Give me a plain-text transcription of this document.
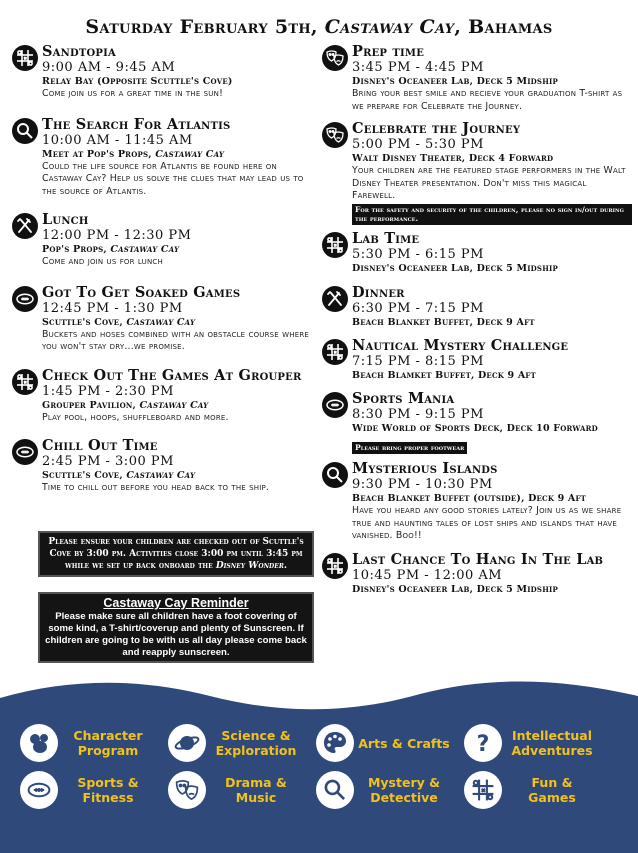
Saturday February 5th, Castaway Cay, Bahamas
Sandtopia
9:00 AM - 9:45 AM
Relay Bay (Opposite Scuttle's Cove)
Come join us for a great time in the sun!
The Search For Atlantis
10:00 AM - 11:45 AM
Meet at Pop's Props, Castaway Cay
Could the life source for Atlantis be found here on Castaway Cay? Help us solve the clues that may lead us to the source of Atlantis.
Lunch
12:00 PM - 12:30 PM
Pop's Props, Castaway Cay
Come and join us for lunch
Got To Get Soaked Games
12:45 PM - 1:30 PM
Scuttle's Cove, Castaway Cay
Buckets and hoses combined with an obstacle course where you won't stay dry...we promise.
Check Out The Games At Grouper
1:45 PM - 2:30 PM
Grouper Pavilion, Castaway Cay
Play pool, hoops, shuffleboard and more.
Chill Out Time
2:45 PM - 3:00 PM
Scuttle's Cove, Castaway Cay
Time to chill out before you head back to the ship.
Prep time
3:45 PM - 4:45 PM
Disney's Oceaneer Lab, Deck 5 Midship
Bring your best smile and recieve your graduation T-shirt as we prepare for Celebrate the Journey.
Celebrate the Journey
5:00 PM - 5:30 PM
Walt Disney Theater, Deck 4 Forward
Your children are the featured stage performers in the Walt Disney Theater presentation. Don't miss this magical Farewell.
For the safety and security of the children, please no sign in/out during the performance.
Lab Time
5:30 PM - 6:15 PM
Disney's Oceaneer Lab, Deck 5 Midship
Dinner
6:30 PM - 7:15 PM
Beach Blanket Buffet, Deck 9 Aft
Nautical Mystery Challenge
7:15 PM - 8:15 PM
Beach Blamket Buffet, Deck 9 Aft
Sports Mania
8:30 PM - 9:15 PM
Wide World of Sports Deck, Deck 10 Forward
Please bring proper footwear
Mysterious Islands
9:30 PM - 10:30 PM
Beach Blanket Buffet (outside), Deck 9 Aft
Have you heard any good stories lately? Join us as we share true and haunting tales of lost ships and islands that have vanished. Boo!!
Last Chance To Hang In The Lab
10:45 PM - 12:00 AM
Disney's Oceaneer Lab, Deck 5 Midship
Please ensure your children are checked out of Scuttle's Cove by 3:00 pm. Activities close 3:00 pm until 3:45 pm while we set up back onboard the Disney Wonder.
Castaway Cay Reminder
Please make sure all children have a foot covering of some kind, a T-shirt/coverup and plenty of Sunscreen. If children are going to be with us all day please come back and reapply sunscreen.
Character Program
Science & Exploration	Arts & Crafts ?	Intellectual Adventures
Sports & Fitness
Drama & Music
Mystery & Detective
Fun & Games
